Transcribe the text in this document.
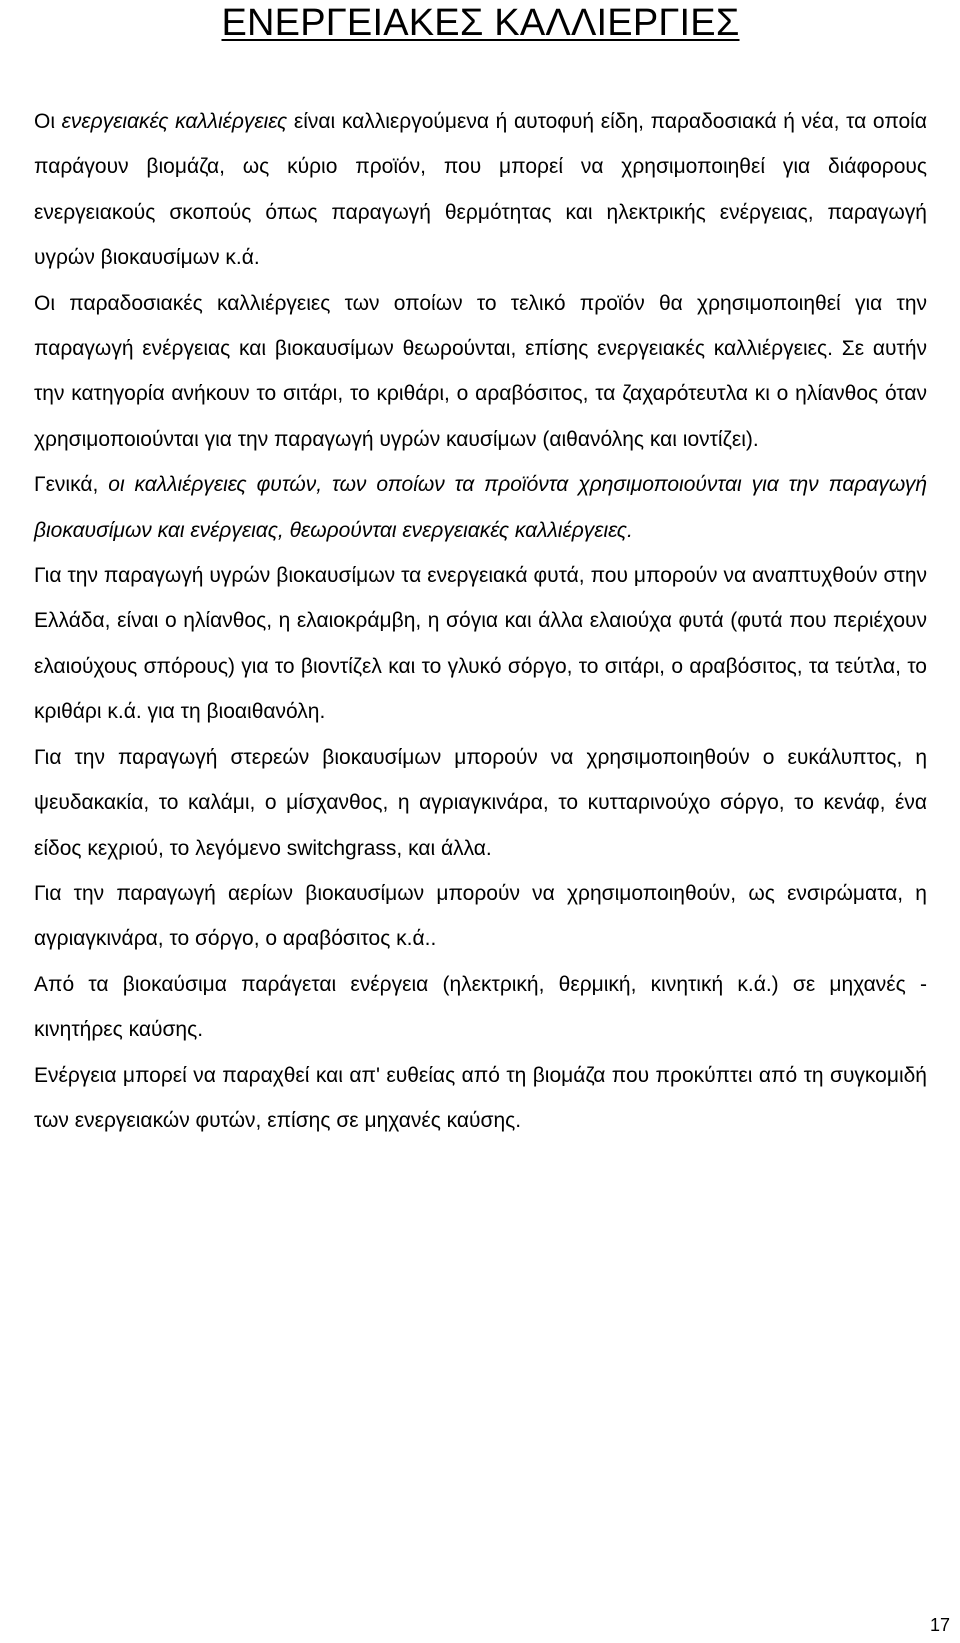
ΕΝΕΡΓΕΙΑΚΕΣ ΚΑΛΛΙΕΡΓΙΕΣ

Οι ενεργειακές καλλιέργειες είναι καλλιεργούμενα ή αυτοφυή είδη, παραδοσιακά ή νέα, τα οποία παράγουν βιομάζα, ως κύριο προϊόν, που μπορεί να χρησιμοποιηθεί για διάφορους ενεργειακούς σκοπούς όπως παραγωγή θερμότητας και ηλεκτρικής ενέργειας, παραγωγή υγρών βιοκαυσίμων κ.ά.

Οι παραδοσιακές καλλιέργειες των οποίων το τελικό προϊόν θα χρησιμοποιηθεί για την παραγωγή ενέργειας και βιοκαυσίμων θεωρούνται, επίσης ενεργειακές καλλιέργειες. Σε αυτήν την κατηγορία ανήκουν το σιτάρι, το κριθάρι, ο αραβόσιτος, τα ζαχαρότευτλα κι ο ηλίανθος όταν χρησιμοποιούνται για την παραγωγή υγρών καυσίμων (αιθανόλης και ιοντίζει).

Γενικά, οι καλλιέργειες φυτών, των οποίων τα προϊόντα χρησιμοποιούνται για την παραγωγή βιοκαυσίμων και ενέργειας, θεωρούνται ενεργειακές καλλιέργειες.

Για την παραγωγή υγρών βιοκαυσίμων τα ενεργειακά φυτά, που μπορούν να αναπτυχθούν στην Ελλάδα, είναι ο ηλίανθος, η ελαιοκράμβη, η σόγια και άλλα ελαιούχα φυτά (φυτά που περιέχουν ελαιούχους σπόρους) για το βιοντίζελ και το γλυκό σόργο, το σιτάρι, ο αραβόσιτος, τα τεύτλα, το κριθάρι κ.ά. για τη βιοαιθανόλη.

Για την παραγωγή στερεών βιοκαυσίμων μπορούν να χρησιμοποιηθούν ο ευκάλυπτος, η ψευδακακία, το καλάμι, ο μίσχανθος, η αγριαγκινάρα, το κυτταρινούχο σόργο, το κενάφ, ένα είδος κεχριού, το λεγόμενο switchgrass, και άλλα.

Για την παραγωγή αερίων βιοκαυσίμων μπορούν να χρησιμοποιηθούν, ως ενσιρώματα, η αγριαγκινάρα, το σόργο, ο αραβόσιτος κ.ά..

Από τα βιοκαύσιμα παράγεται ενέργεια (ηλεκτρική, θερμική, κινητική κ.ά.) σε μηχανές - κινητήρες καύσης.

Ενέργεια μπορεί να παραχθεί και απ' ευθείας από τη βιομάζα που προκύπτει από τη συγκομιδή των ενεργειακών φυτών, επίσης σε μηχανές καύσης.

17
